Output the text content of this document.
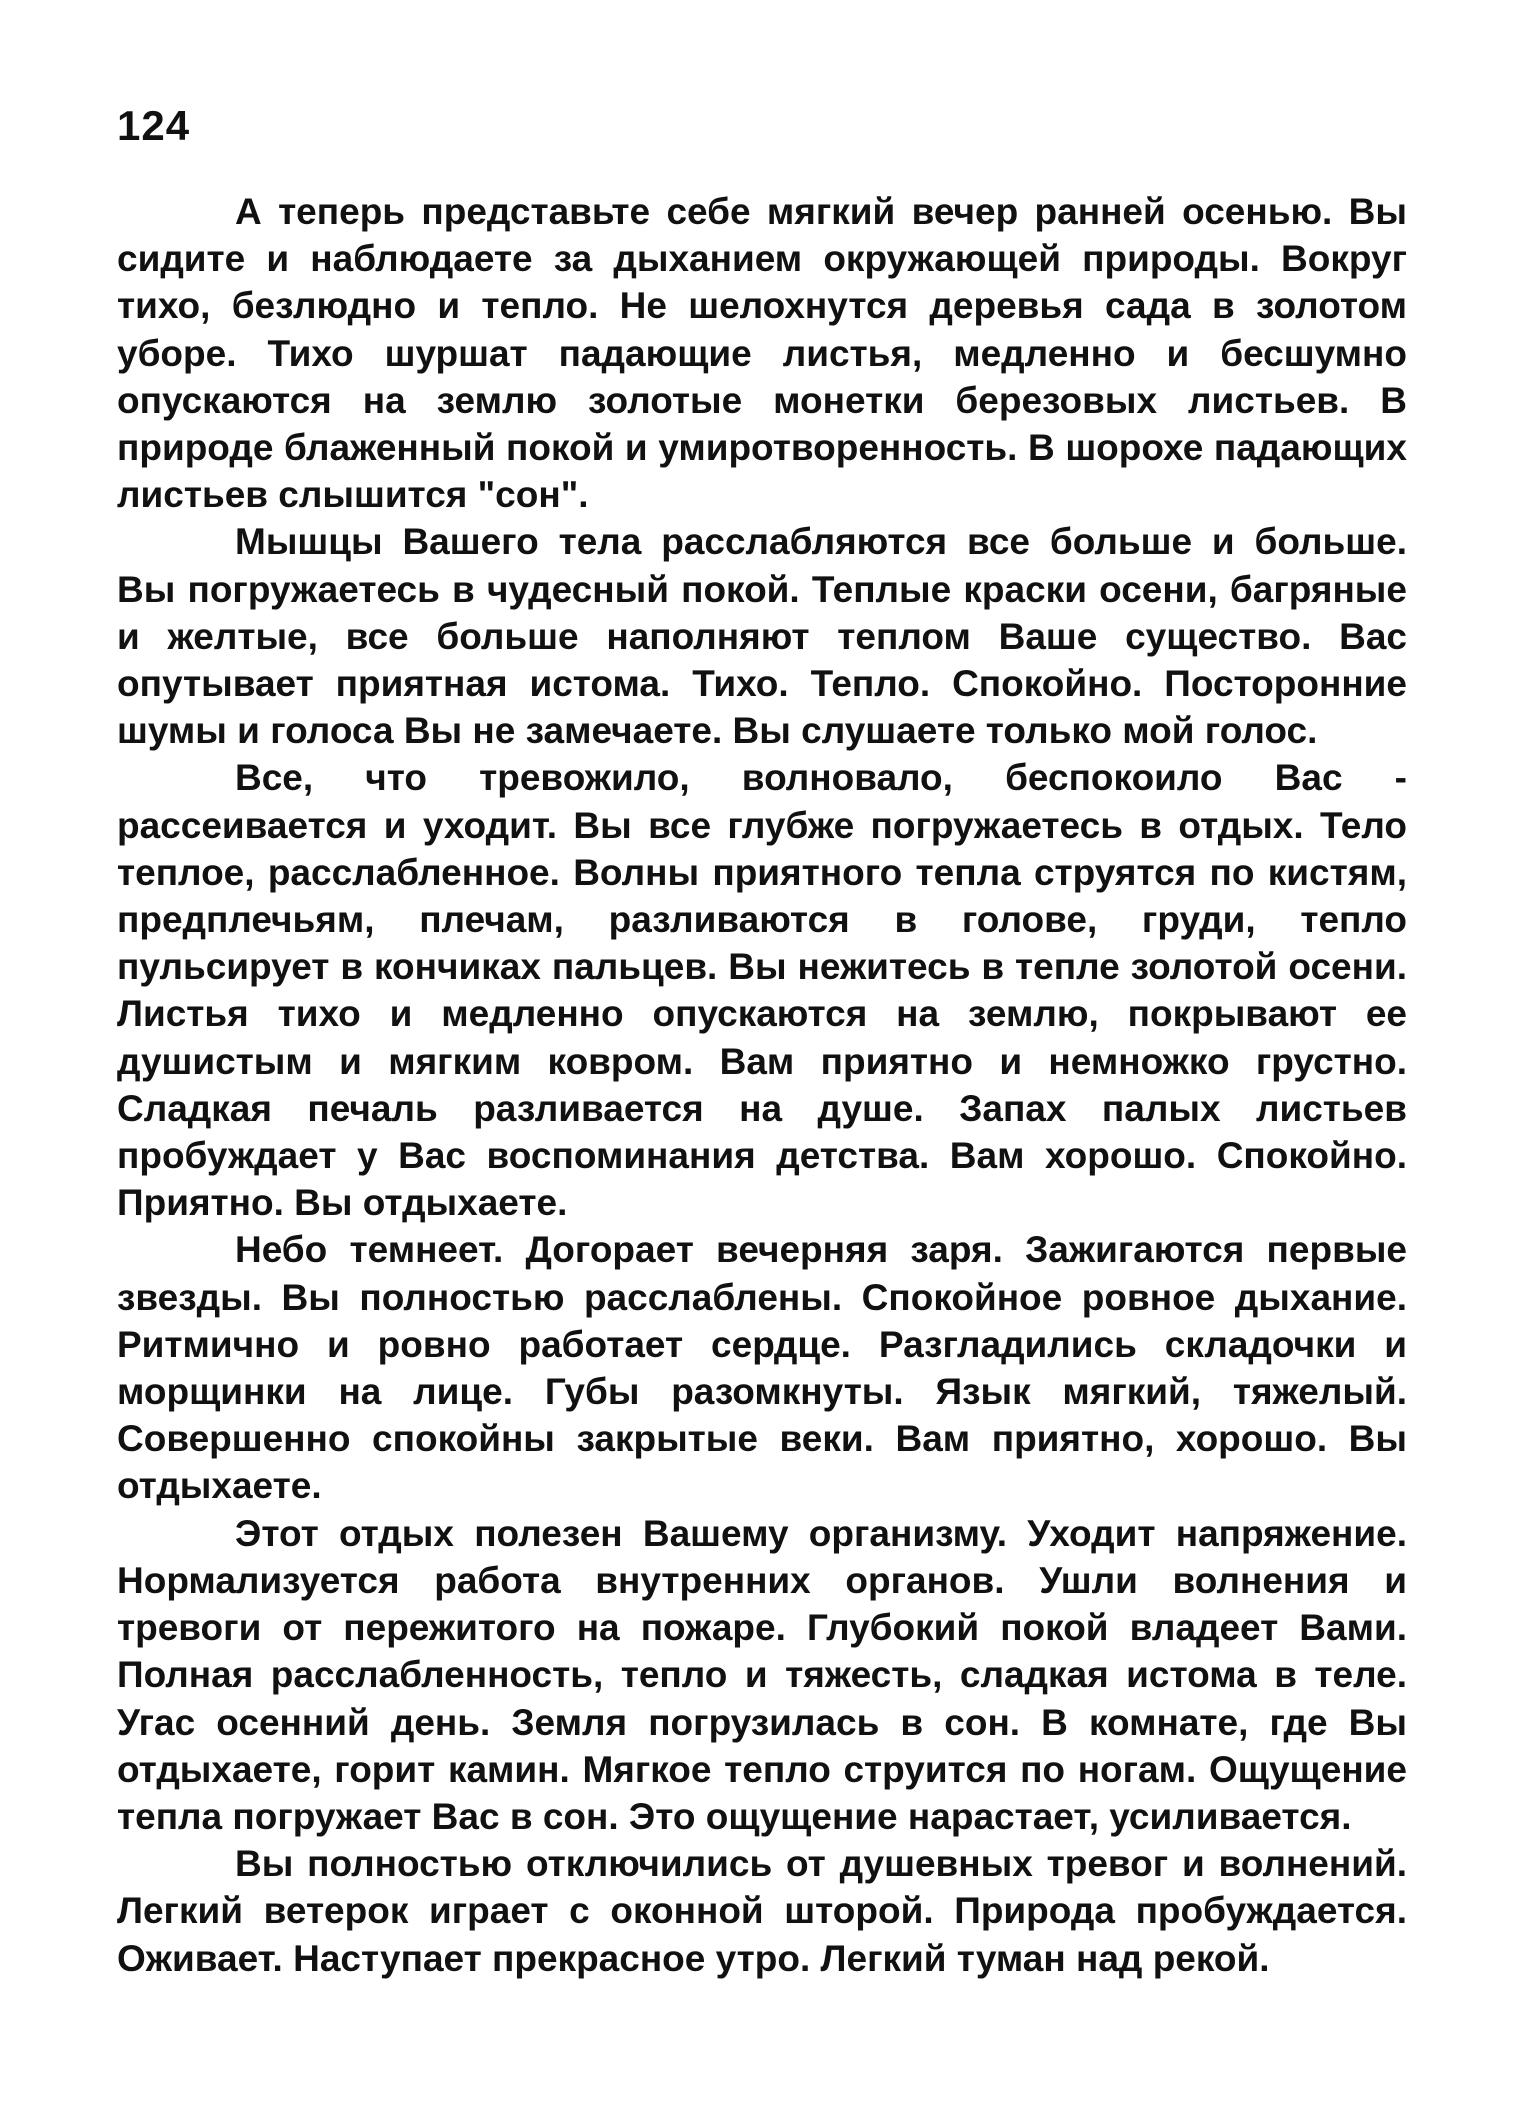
124

А теперь представьте себе мягкий вечер ранней осенью. Вы сидите и наблюдаете за дыханием окружающей природы. Вокруг тихо, безлюдно и тепло. Не шелохнутся деревья сада в золотом уборе. Тихо шуршат падающие листья, медленно и бесшумно опускаются на землю золотые монетки березовых листьев. В природе блаженный покой и умиротворенность. В шорохе падающих листьев слышится "сон".

Мышцы Вашего тела расслабляются все больше и больше. Вы погружаетесь в чудесный покой. Теплые краски осени, багряные и желтые, все больше наполняют теплом Ваше существо. Вас опутывает приятная истома. Тихо. Тепло. Спокойно. Посторонние шумы и голоса Вы не замечаете. Вы слушаете только мой голос.

Все, что тревожило, волновало, беспокоило Вас - рассеивается и уходит. Вы все глубже погружаетесь в отдых. Тело теплое, расслабленное. Волны приятного тепла струятся по кистям, предплечьям, плечам, разливаются в голове, груди, тепло пульсирует в кончиках пальцев. Вы нежитесь в тепле золотой осени. Листья тихо и медленно опускаются на землю, покрывают ее душистым и мягким ковром. Вам приятно и немножко грустно. Сладкая печаль разливается на душе. Запах палых листьев пробуждает у Вас воспоминания детства. Вам хорошо. Спокойно. Приятно. Вы отдыхаете.

Небо темнеет. Догорает вечерняя заря. Зажигаются первые звезды. Вы полностью расслаблены. Спокойное ровное дыхание. Ритмично и ровно работает сердце. Разгладились складочки и морщинки на лице. Губы разомкнуты. Язык мягкий, тяжелый. Совершенно спокойны закрытые веки. Вам приятно, хорошо. Вы отдыхаете.

Этот отдых полезен Вашему организму. Уходит напряжение. Нормализуется работа внутренних органов. Ушли волнения и тревоги от пережитого на пожаре. Глубокий покой владеет Вами. Полная расслабленность, тепло и тяжесть, сладкая истома в теле. Угас осенний день. Земля погрузилась в сон. В комнате, где Вы отдыхаете, горит камин. Мягкое тепло струится по ногам. Ощущение тепла погружает Вас в сон. Это ощущение нарастает, усиливается.

Вы полностью отключились от душевных тревог и волнений. Легкий ветерок играет с оконной шторой. Природа пробуждается. Оживает. Наступает прекрасное утро. Легкий туман над рекой.
